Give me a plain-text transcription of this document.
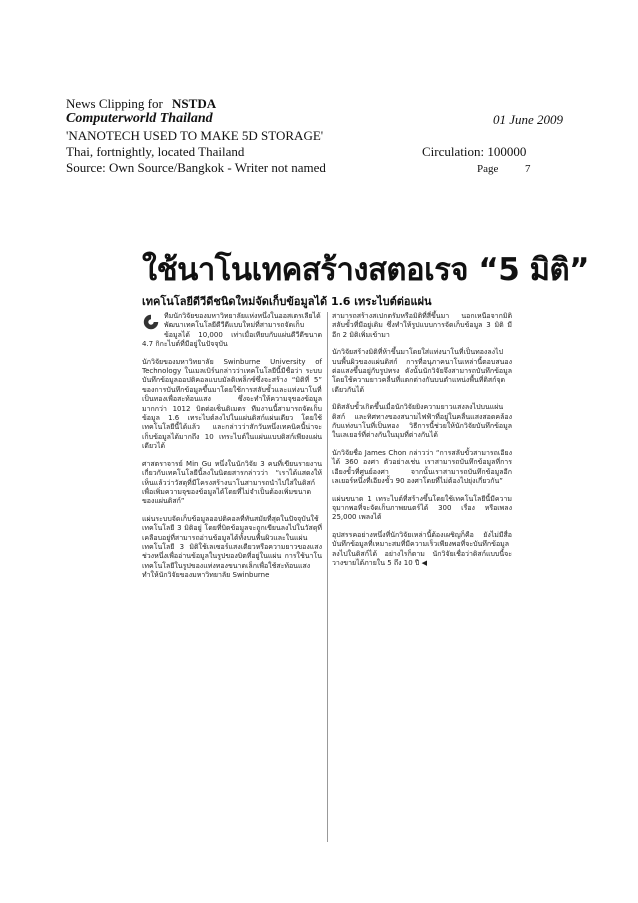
News Clipping for NSTDA
Computerworld Thailand	01 June 2009
'NANOTECH USED TO MAKE 5D STORAGE'
Thai, fortnightly, located Thailand	Circulation: 100000
Source: Own Source/Bangkok - Writer not named	Page 7
ใช้นาโนเทคสร้างสตอเรจ “5 มิติ”
เทคโนโลยีดีวีดีชนิดใหม่จัดเก็บข้อมูลได้ 1.6 เทระไบต์ต่อแผ่น

ทีมนักวิจัยของมหาวิทยาลัยแห่งหนึ่งในออสเตรเลียได้พัฒนาเทคโนโลยีดีวีดีแบบใหม่ที่สามารถจัดเก็บข้อมูลได้ 10,000 เท่าเมื่อเทียบกับแผ่นดีวีดีขนาด 4.7 กิกะไบต์ที่มีอยู่ในปัจจุบัน

นักวิจัยของมหาวิทยาลัย Swinburne University of Technology ในเมลเบิร์นกล่าวว่าเทคโนโลยีนี้มีชื่อว่า ระบบบันทึกข้อมูลออปติคอลแบบมัลติเพล็กซ์ซึ่งจะสร้าง “มิติที่ 5” ของการบันทึกข้อมูลขึ้นมาโดยใช้การสลับขั้วและแท่งนาโนที่เป็นทองเพื่อสะท้อนแสง ซึ่งจะทำให้ความจุของข้อมูลมากกว่า 1012 บิตต่อเซ็นติเมตร ทีมงานนี้สามารถจัดเก็บข้อมูล 1.6 เทระไบต์ลงไปในแผ่นดิสก์แผ่นเดียว โดยใช้เทคโนโลยีนี้ได้แล้ว และกล่าวว่าสักวันหนึ่งเทคนิคนี้น่าจะเก็บข้อมูลได้มากถึง 10 เทระไบต์ในแผ่นแบบดิสก์เพียงแผ่นเดียวได้

ศาสตราจารย์ Min Gu หนึ่งในนักวิจัย 3 คนที่เขียนรายงานเกี่ยวกับเทคโนโลยีนี้ลงในนิตยสารกล่าวว่า “เราได้แสดงให้เห็นแล้วว่าวัสดุที่มีโครงสร้างนาโนสามารถนำไปใส่ในดิสก์เพื่อเพิ่มความจุของข้อมูลได้โดยที่ไม่จำเป็นต้องเพิ่มขนาดของแผ่นดิสก์”

แผ่นระบบจัดเก็บข้อมูลออปติคอลที่ทันสมัยที่สุดในปัจจุบันใช้เทคโนโลยี 3 มิติอยู่ โดยที่บิตข้อมูลจะถูกเขียนลงไปในวัสดุที่เคลือบอยู่ที่สามารถอ่านข้อมูลได้ทั้งบนพื้นผิวและในแผ่น เทคโนโลยี 3 มิติใช้เลเซอร์แสงเดียวหรือความยาวของแสงช่วงหนึ่งเพื่ออ่านข้อมูลในรูปของบิตที่อยู่ในแผ่น การใช้นาโนเทคโนโลยีในรูปของแท่งทองขนาดเล็กเพื่อใช้สะท้อนแสงทำให้นักวิจัยของมหาวิทยาลัย Swinburne

สามารถสร้างสเปกตรัมหรือมิติที่สี่ขึ้นมา นอกเหนือจากมิติสลับขั้วที่มีอยู่เดิม ซึ่งทำให้รูปแบบการจัดเก็บข้อมูล 3 มิติ มีอีก 2 มิติเพิ่มเข้ามา

นักวิจัยสร้างมิติที่ห้าขึ้นมาโดยใส่แท่งนาโนที่เป็นทองลงไปบนพื้นผิวของแผ่นดิสก์ การที่อนุภาคนาโนเหล่านี้ตอบสนองต่อแสงขึ้นอยู่กับรูปทรง ดังนั้นนักวิจัยจึงสามารถบันทึกข้อมูลโดยใช้ความยาวคลื่นที่แตกต่างกันบนตำแหน่งพื้นที่ดิสก์จุดเดียวกันได้

มิติสลับขั้วเกิดขึ้นเมื่อนักวิจัยยิงความยาวแสงลงไปบนแผ่นดิสก์ และทิศทางของสนามไฟฟ้าที่อยู่ในคลื่นแสงสอดคล้องกับแท่งนาโนที่เป็นทอง วิธีการนี้ช่วยให้นักวิจัยบันทึกข้อมูลในเลเยอร์ที่ต่างกันในมุมที่ต่างกันได้

นักวิจัยชื่อ James Chon กล่าวว่า “การสลับขั้วสามารถเอียงได้ 360 องศา ตัวอย่างเช่น เราสามารถบันทึกข้อมูลที่การเอียงขั้วที่ศูนย์องศา จากนั้นเราสามารถบันทึกข้อมูลอีกเลเยอร์หนึ่งที่เอียงขั้ว 90 องศาโดยที่ไม่ต้องไปยุ่งเกี่ยวกัน”

แผ่นขนาด 1 เทระไบต์ที่สร้างขึ้นโดยใช้เทคโนโลยีนี้มีความจุมากพอที่จะจัดเก็บภาพยนตร์ได้ 300 เรื่อง หรือเพลง 25,000 เพลงได้

อุปสรรคอย่างหนึ่งที่นักวิจัยเหล่านี้ต้องเผชิญก็คือ ยังไม่มีสื่อบันทึกข้อมูลที่เหมาะสมที่มีความเร็วเพียงพอที่จะบันทึกข้อมูลลงไปในดิสก์ได้ อย่างไรก็ตาม นักวิจัยเชื่อว่าดิสก์แบบนี้จะวางขายได้ภายใน 5 ถึง 10 ปี ◀
